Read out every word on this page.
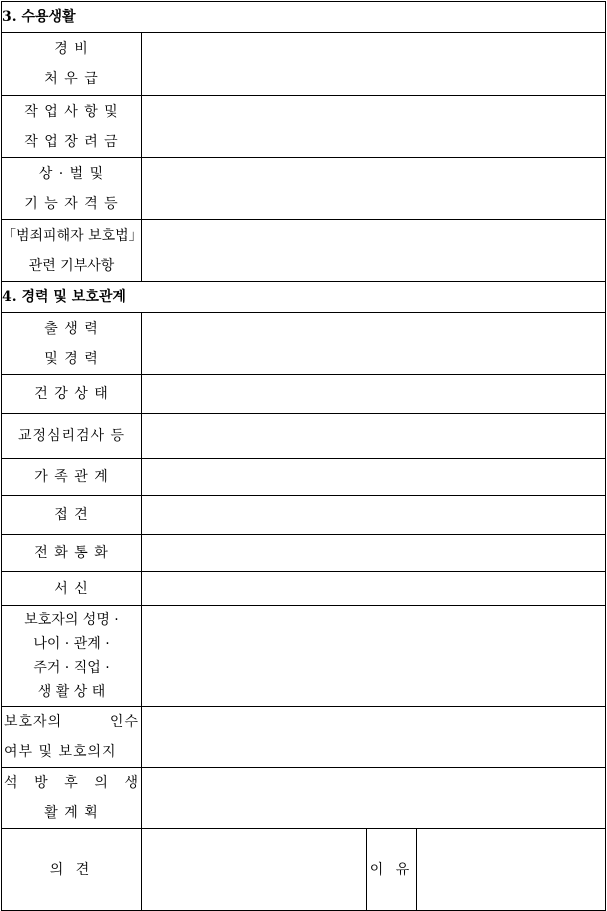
3. 수용생활			

경 비
처 우 급			

작 업 사 항 및
작 업 장 려 금			

상 · 벌 및
기 능 자 격 등			

「범죄피해자 보호법」
관련 기부사항			

4. 경력 및 보호관계			

출 생 력
및 경 력			

건 강 상 태			

교정심리검사 등			

가 족 관 계			

접 견			

전 화 통 화			

서 신			

보호자의 성명 ·
나이 · 관계 ·
주거 · 직업 ·
생 활 상 태			

보호자의 인수
여부 및 보호의지			

석 방 후 의 생
활 계 획			

의 견		이 유	
